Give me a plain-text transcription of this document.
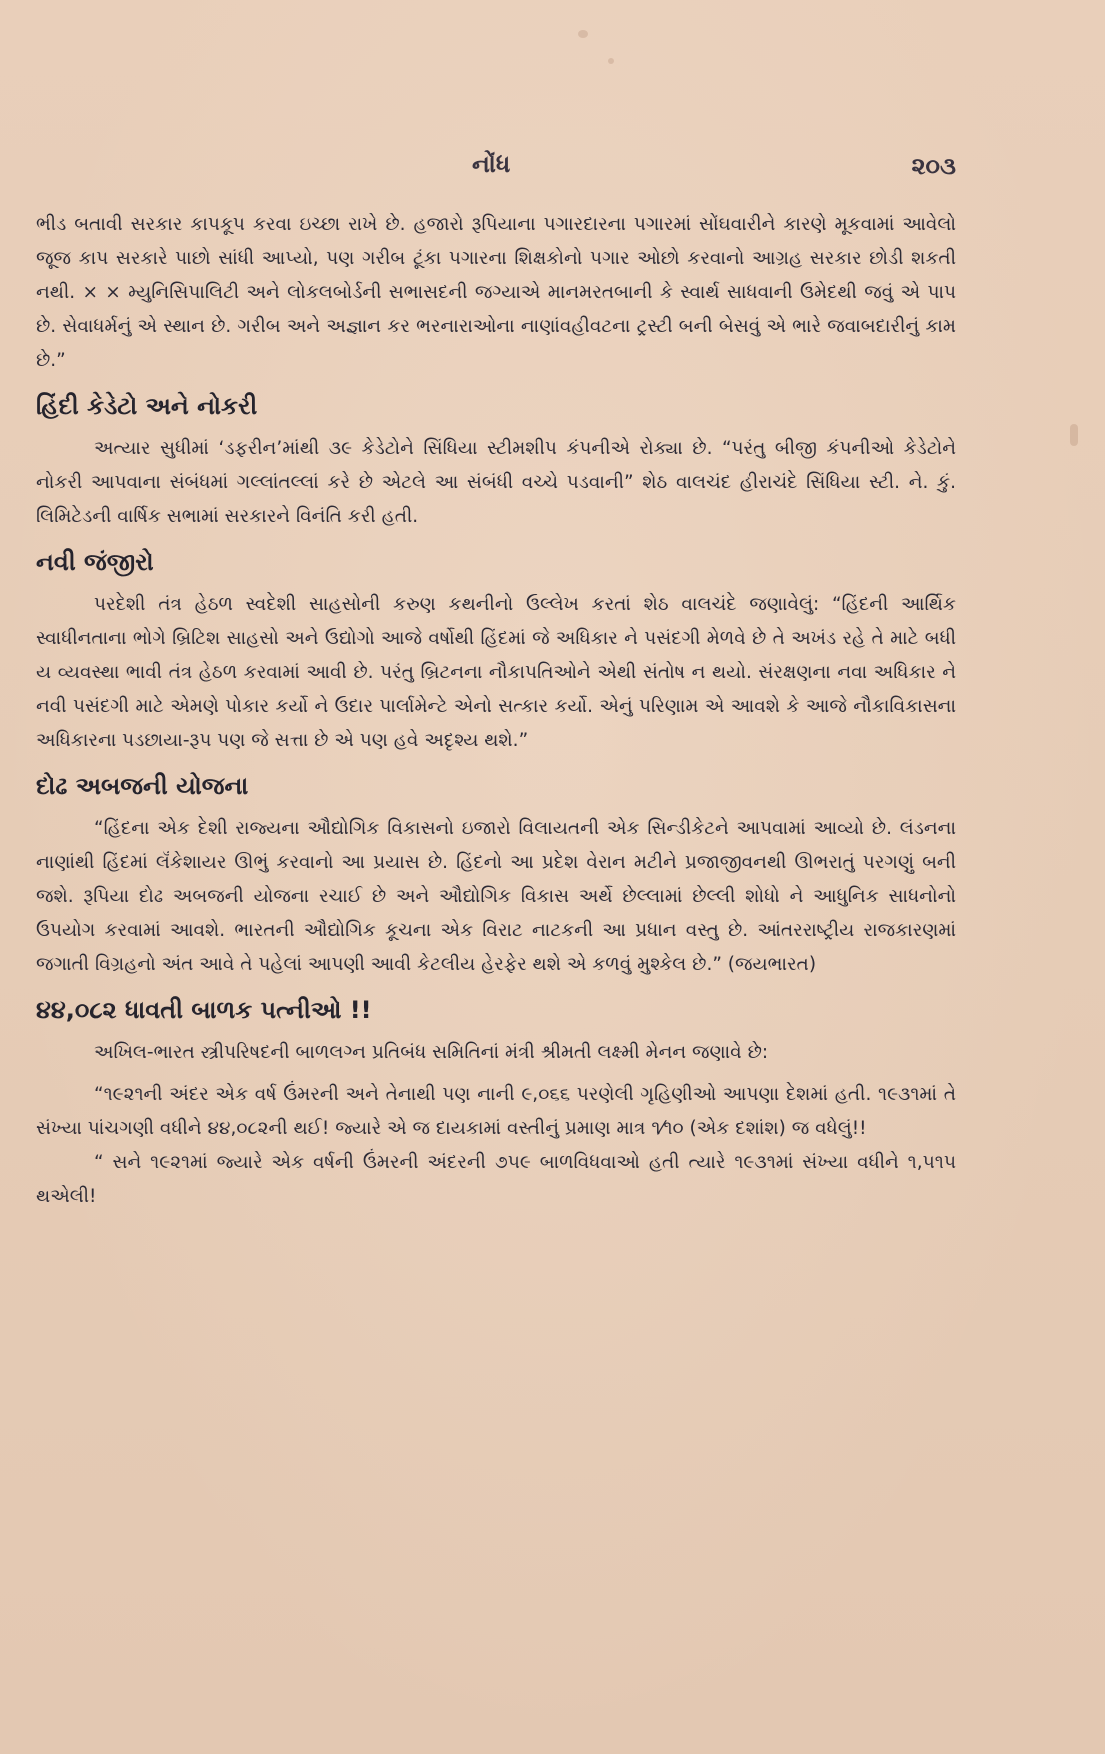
નોંધ	૨૦૩

ભીડ બતાવી સરકાર કાપકૂપ કરવા ઇચ્છા રાખે છે. હજારો રૂપિયાના પગારદારના પગારમાં સોંઘવારીને કારણે મૂકવામાં આવેલો જૂજ કાપ સરકારે પાછો સાંધી આપ્યો, પણ ગરીબ ટૂંકા પગારના શિક્ષકોનો પગાર ઓછો કરવાનો આગ્રહ સરકાર છોડી શકતી નથી. × × મ્યુનિસિપાલિટી અને લોકલબોર્ડની સભાસદની જગ્યાએ માનમરતબાની કે સ્વાર્થ સાધવાની ઉમેદથી જવું એ પાપ છે. સેવાધર્મનું એ સ્થાન છે. ગરીબ અને અજ્ઞાન કર ભરનારાઓના નાણાંવહીવટના ટ્રસ્ટી બની બેસવું એ ભારે જવાબદારીનું કામ છે.”

હિંદી કેડેટો અને નોકરી

અત્યાર સુધીમાં ‘ડફરીન’માંથી ૩૯ કેડેટોને સિંધિયા સ્ટીમશીપ કંપનીએ રોક્યા છે. “પરંતુ બીજી કંપનીઓ કેડેટોને નોકરી આપવાના સંબંધમાં ગલ્લાંતલ્લાં કરે છે એટલે આ સંબંધી વચ્ચે પડવાની” શેઠ વાલચંદ હીરાચંદે સિંધિયા સ્ટી. ને. કું. લિમિટેડની વાર્ષિક સભામાં સરકારને વિનંતિ કરી હતી.

નવી જંજીરો

પરદેશી તંત્ર હેઠળ સ્વદેશી સાહસોની કરુણ કથનીનો ઉલ્લેખ કરતાં શેઠ વાલચંદે જણાવેલું: “હિંદની આર્થિક સ્વાધીનતાના ભોગે બ્રિટિશ સાહસો અને ઉદ્યોગો આજે વર્ષોથી હિંદમાં જે અધિકાર ને પસંદગી મેળવે છે તે અખંડ રહે તે માટે બધી ય વ્યવસ્થા ભાવી તંત્ર હેઠળ કરવામાં આવી છે. પરંતુ બ્રિટનના નૌકાપતિઓને એથી સંતોષ ન થયો. સંરક્ષણના નવા અધિકાર ને નવી પસંદગી માટે એમણે પોકાર કર્યો ને ઉદાર પાર્લામેન્ટે એનો સત્કાર કર્યો. એનું પરિણામ એ આવશે કે આજે નૌકાવિકાસના અધિકારના પડછાયા-રૂપ પણ જે સત્તા છે એ પણ હવે અદૃશ્ય થશે.”

દોઢ અબજની યોજના

“હિંદના એક દેશી રાજ્યના ઔદ્યોગિક વિકાસનો ઇજારો વિલાયતની એક સિન્ડીકેટને આપવામાં આવ્યો છે. લંડનના નાણાંથી હિંદમાં લૅંકેશાયર ઊભું કરવાનો આ પ્રયાસ છે. હિંદનો આ પ્રદેશ વેરાન મટીને પ્રજાજીવનથી ઊભરાતું પરગણું બની જશે. રૂપિયા દોઢ અબજની યોજના રચાઈ છે અને ઔદ્યોગિક વિકાસ અર્થે છેલ્લામાં છેલ્લી શોધો ને આધુનિક સાધનોનો ઉપયોગ કરવામાં આવશે. ભારતની ઔદ્યોગિક કૂચના એક વિરાટ નાટકની આ પ્રધાન વસ્તુ છે. આંતરરાષ્ટ્રીય રાજકારણમાં જગાતી વિગ્રહનો અંત આવે તે પહેલાં આપણી આવી કેટલીય હેરફેર થશે એ કળવું મુશ્કેલ છે.” (જયભારત)

૪૪,૦૮૨ ધાવતી બાળક પત્નીઓ !!

અખિલ-ભારત સ્ત્રીપરિષદની બાળલગ્ન પ્રતિબંધ સમિતિનાં મંત્રી શ્રીમતી લક્ષ્મી મેનન જણાવે છે:

“૧૯૨૧ની અંદર એક વર્ષ ઉંમરની અને તેનાથી પણ નાની ૯,૦૬૬ પરણેલી ગૃહિણીઓ આપણા દેશમાં હતી. ૧૯૩૧માં તે સંખ્યા પાંચગણી વધીને ૪૪,૦૮૨ની થઈ! જ્યારે એ જ દાયકામાં વસ્તીનું પ્રમાણ માત્ર ૧⁄૧૦ (એક દશાંશ) જ વધેલું!!

“ સને ૧૯૨૧માં જ્યારે એક વર્ષની ઉંમરની અંદરની ૭૫૯ બાળવિધવાઓ હતી ત્યારે ૧૯૩૧માં સંખ્યા વધીને ૧,૫૧૫ થએલી!
